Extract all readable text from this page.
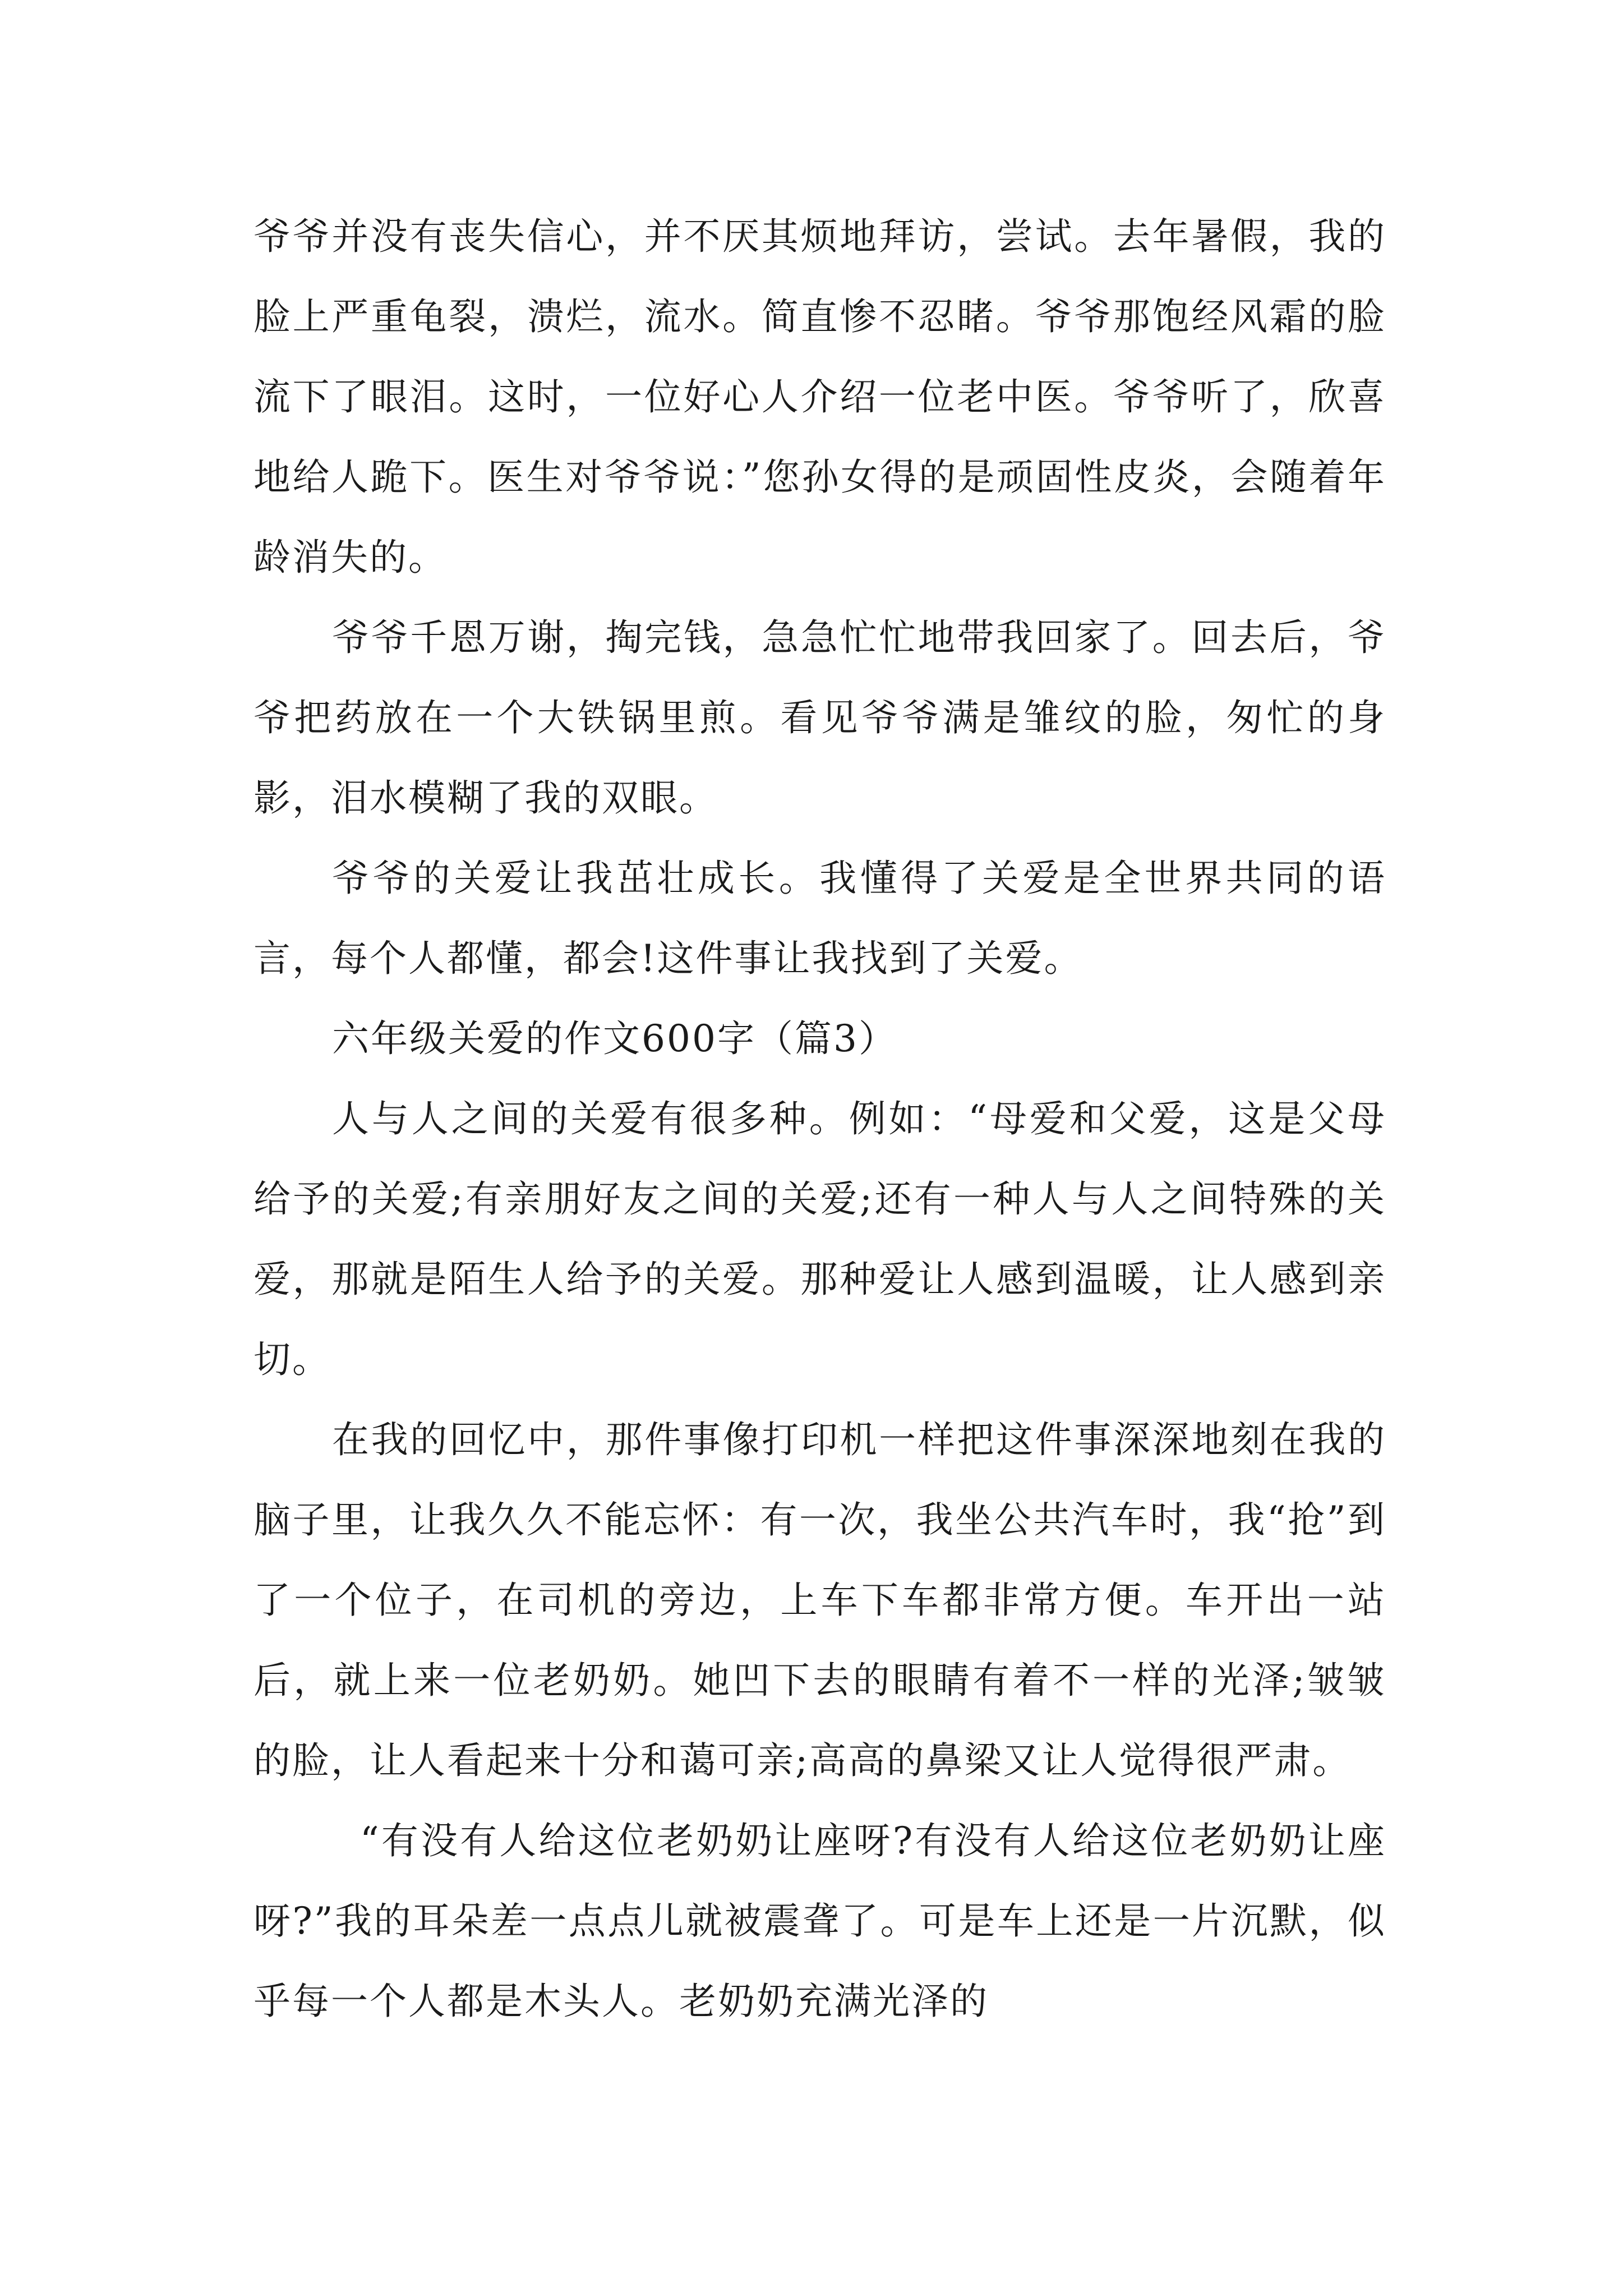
爷爷并没有丧失信心，并不厌其烦地拜访，尝试。去年暑假，我的脸上严重龟裂，溃烂，流水。简直惨不忍睹。爷爷那饱经风霜的脸流下了眼泪。这时，一位好心人介绍一位老中医。爷爷听了，欣喜地给人跪下。医生对爷爷说：”您孙女得的是顽固性皮炎，会随着年龄消失的。

爷爷千恩万谢，掏完钱，急急忙忙地带我回家了。回去后，爷爷把药放在一个大铁锅里煎。看见爷爷满是雏纹的脸，匆忙的身影，泪水模糊了我的双眼。

爷爷的关爱让我茁壮成长。我懂得了关爱是全世界共同的语言，每个人都懂，都会!这件事让我找到了关爱。

六年级关爱的作文600字（篇3）

人与人之间的关爱有很多种。例如：“母爱和父爱，这是父母给予的关爱;有亲朋好友之间的关爱;还有一种人与人之间特殊的关爱，那就是陌生人给予的关爱。那种爱让人感到温暖，让人感到亲切。

在我的回忆中，那件事像打印机一样把这件事深深地刻在我的脑子里，让我久久不能忘怀：有一次，我坐公共汽车时，我“抢”到了一个位子，在司机的旁边，上车下车都非常方便。车开出一站后，就上来一位老奶奶。她凹下去的眼睛有着不一样的光泽;皱皱的脸，让人看起来十分和蔼可亲;高高的鼻梁又让人觉得很严肃。

“有没有人给这位老奶奶让座呀?有没有人给这位老奶奶让座呀?”我的耳朵差一点点儿就被震聋了。可是车上还是一片沉默，似乎每一个人都是木头人。老奶奶充满光泽的
